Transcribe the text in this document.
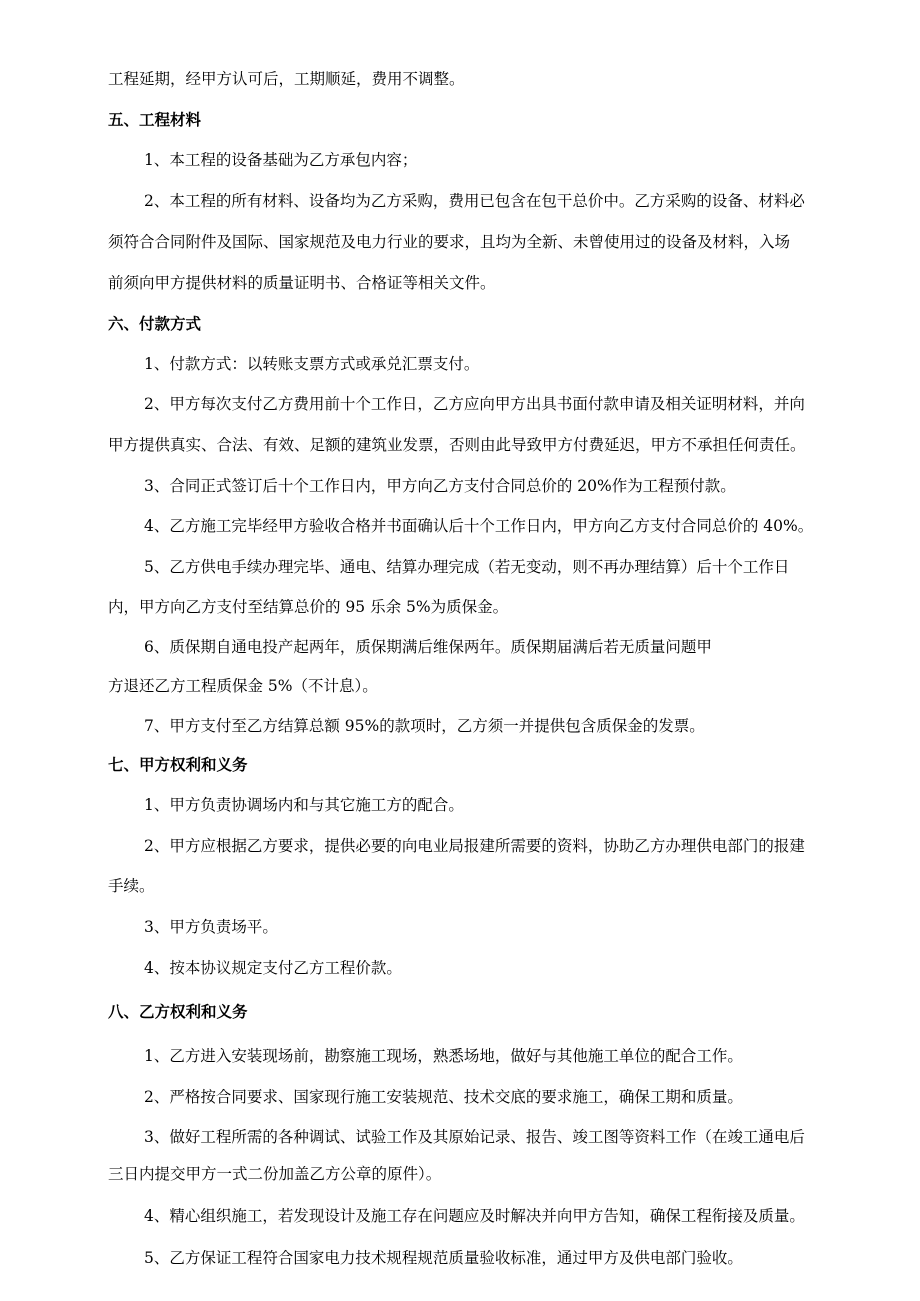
工程延期，经甲方认可后，工期顺延，费用不调整。

五、工程材料

1、本工程的设备基础为乙方承包内容；

2、本工程的所有材料、设备均为乙方采购，费用已包含在包干总价中。乙方采购的设备、材料必

须符合合同附件及国际、国家规范及电力行业的要求，且均为全新、未曾使用过的设备及材料，入场

前须向甲方提供材料的质量证明书、合格证等相关文件。

六、付款方式

1、付款方式：以转账支票方式或承兑汇票支付。

2、甲方每次支付乙方费用前十个工作日，乙方应向甲方出具书面付款申请及相关证明材料，并向

甲方提供真实、合法、有效、足额的建筑业发票，否则由此导致甲方付费延迟，甲方不承担任何责任。

3、合同正式签订后十个工作日内，甲方向乙方支付合同总价的 20%作为工程预付款。

4、乙方施工完毕经甲方验收合格并书面确认后十个工作日内，甲方向乙方支付合同总价的 40%。

5、乙方供电手续办理完毕、通电、结算办理完成（若无变动，则不再办理结算）后十个工作日

内，甲方向乙方支付至结算总价的 95 乐余 5%为质保金。

6、质保期自通电投产起两年，质保期满后维保两年。质保期届满后若无质量问题甲

方退还乙方工程质保金 5%（不计息）。

7、甲方支付至乙方结算总额 95%的款项时，乙方须一并提供包含质保金的发票。

七、甲方权利和义务

1、甲方负责协调场内和与其它施工方的配合。

2、甲方应根据乙方要求，提供必要的向电业局报建所需要的资料，协助乙方办理供电部门的报建

手续。

3、甲方负责场平。

4、按本协议规定支付乙方工程价款。

八、乙方权利和义务

1、乙方进入安装现场前，勘察施工现场，熟悉场地，做好与其他施工单位的配合工作。

2、严格按合同要求、国家现行施工安装规范、技术交底的要求施工，确保工期和质量。

3、做好工程所需的各种调试、试验工作及其原始记录、报告、竣工图等资料工作（在竣工通电后

三日内提交甲方一式二份加盖乙方公章的原件）。

4、精心组织施工，若发现设计及施工存在问题应及时解决并向甲方告知，确保工程衔接及质量。

5、乙方保证工程符合国家电力技术规程规范质量验收标准，通过甲方及供电部门验收。
